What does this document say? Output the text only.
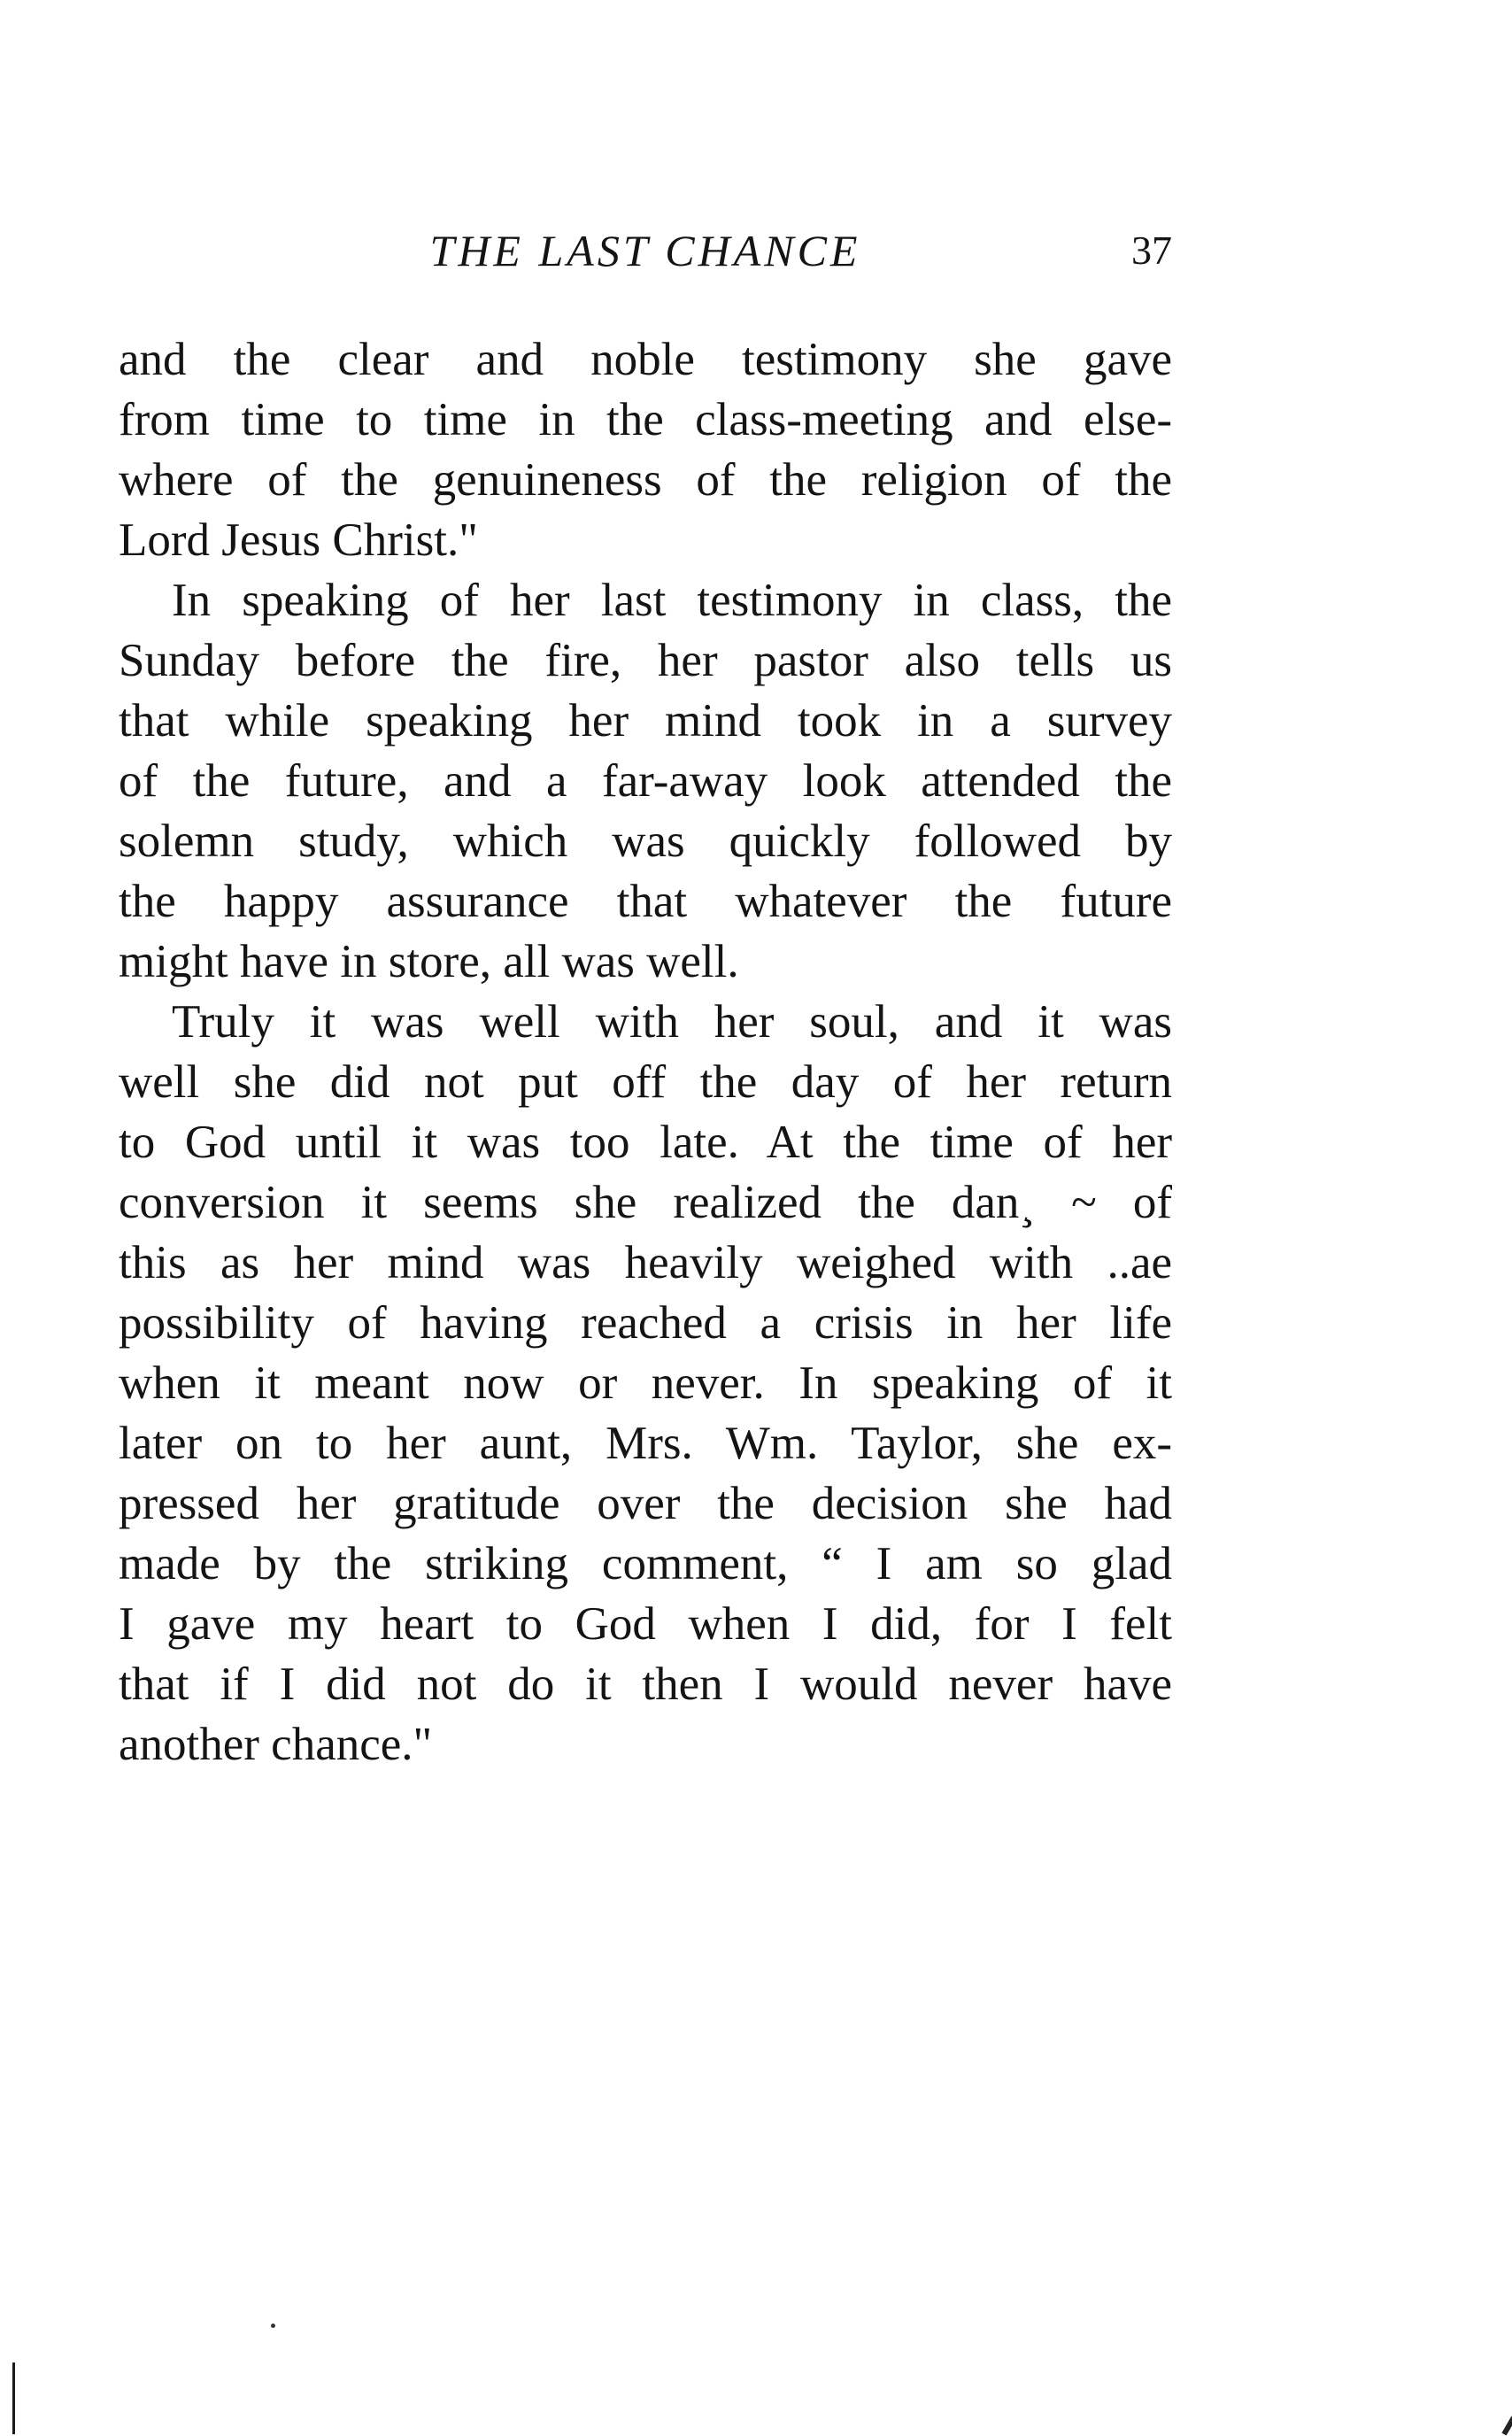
THE LAST CHANCE	37
and the clear and noble testimony she gave
from time to time in the class-meeting and else-
where of the genuineness of the religion of the
Lord Jesus Christ."
In speaking of her last testimony in class, the
Sunday before the fire, her pastor also tells us
that while speaking her mind took in a survey
of the future, and a far-away look attended the
solemn study, which was quickly followed by
the happy assurance that whatever the future
might have in store, all was well.
Truly it was well with her soul, and it was
well she did not put off the day of her return
to God until it was too late. At the time of her
conversion it seems she realized the dan¸ ~ of
this as her mind was heavily weighed with ..ae
possibility of having reached a crisis in her life
when it meant now or never. In speaking of it
later on to her aunt, Mrs. Wm. Taylor, she ex-
pressed her gratitude over the decision she had
made by the striking comment, “ I am so glad
I gave my heart to God when I did, for I felt
that if I did not do it then I would never have
another chance."
